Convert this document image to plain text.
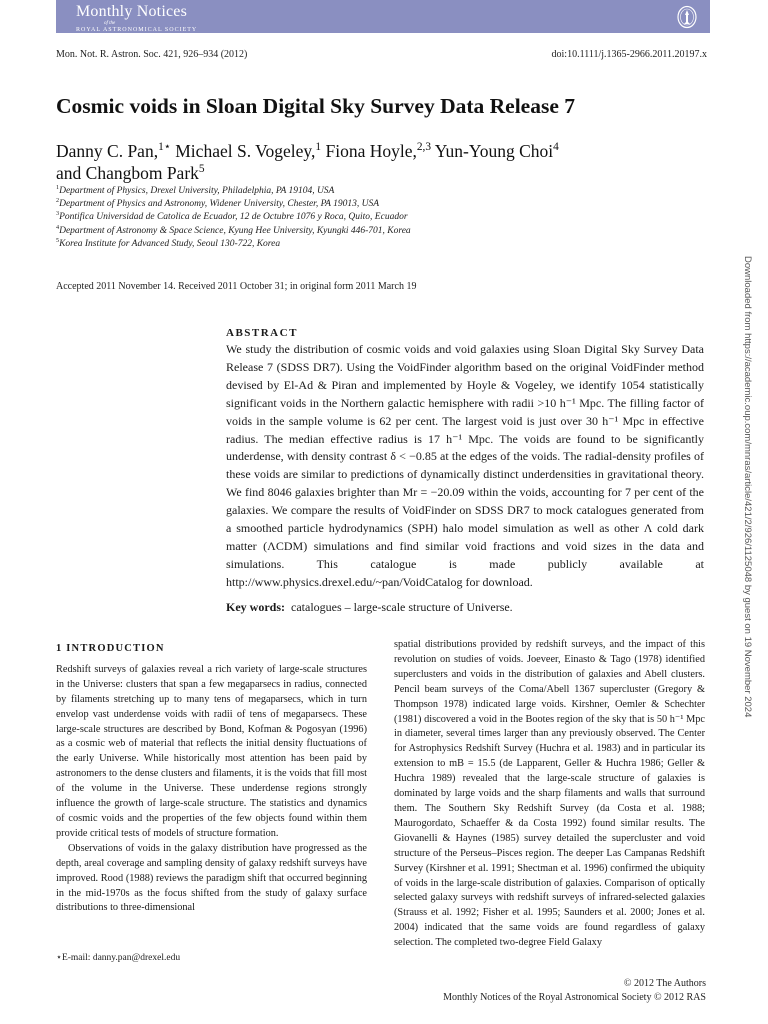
Monthly Notices
of the
ROYAL ASTRONOMICAL SOCIETY
Mon. Not. R. Astron. Soc. 421, 926–934 (2012)	doi:10.1111/j.1365-2966.2011.20197.x
Cosmic voids in Sloan Digital Sky Survey Data Release 7
Danny C. Pan,$^{1⋆}$ Michael S. Vogeley,$^1$ Fiona Hoyle,$^{2,3}$ Yun-Young Choi$^4$
and Changbom Park$^5$
$^1$Department of Physics, Drexel University, Philadelphia, PA 19104, USA
$^2$Department of Physics and Astronomy, Widener University, Chester, PA 19013, USA
$^3$Pontifica Universidad de Catolica de Ecuador, 12 de Octubre 1076 y Roca, Quito, Ecuador
$^4$Department of Astronomy & Space Science, Kyung Hee University, Kyungki 446-701, Korea
$^5$Korea Institute for Advanced Study, Seoul 130-722, Korea
Accepted 2011 November 14. Received 2011 October 31; in original form 2011 March 19
ABSTRACT
We study the distribution of cosmic voids and void galaxies using Sloan Digital Sky Survey Data Release 7 (SDSS DR7). Using the VoidFinder algorithm based on the original VoidFinder method devised by El-Ad & Piran and implemented by Hoyle & Vogeley, we identify 1054 statistically significant voids in the Northern galactic hemisphere with radii >10 h⁻¹ Mpc. The filling factor of voids in the sample volume is 62 per cent. The largest void is just over 30 h⁻¹ Mpc in effective radius. The median effective radius is 17 h⁻¹ Mpc. The voids are found to be significantly underdense, with density contrast δ < −0.85 at the edges of the voids. The radial-density profiles of these voids are similar to predictions of dynamically distinct underdensities in gravitational theory. We find 8046 galaxies brighter than Mr = −20.09 within the voids, accounting for 7 per cent of the galaxies. We compare the results of VoidFinder on SDSS DR7 to mock catalogues generated from a smoothed particle hydrodynamics (SPH) halo model simulation as well as other Λ cold dark matter (ΛCDM) simulations and find similar void fractions and void sizes in the data and simulations. This catalogue is made publicly available at http://www.physics.drexel.edu/~pan/VoidCatalog for download.
Key words: catalogues – large-scale structure of Universe.
1 INTRODUCTION

Redshift surveys of galaxies reveal a rich variety of large-scale structures in the Universe: clusters that span a few megaparsecs in radius, connected by filaments stretching up to many tens of megaparsecs, which in turn envelop vast underdense voids with radii of tens of megaparsecs. These large-scale structures are described by Bond, Kofman & Pogosyan (1996) as a cosmic web of material that reflects the initial density fluctuations of the early Universe. While historically most attention has been paid by astronomers to the dense clusters and filaments, it is the voids that fill most of the volume in the Universe. These underdense regions strongly influence the growth of large-scale structure. The statistics and dynamics of cosmic voids and the properties of the few objects found within them provide critical tests of models of structure formation.

Observations of voids in the galaxy distribution have progressed as the depth, areal coverage and sampling density of galaxy redshift surveys have improved. Rood (1988) reviews the paradigm shift that occurred beginning in the mid-1970s as the focus shifted from the study of galaxy surface distributions to three-dimensional

spatial distributions provided by redshift surveys, and the impact of this revolution on studies of voids. Joeveer, Einasto & Tago (1978) identified superclusters and voids in the distribution of galaxies and Abell clusters. Pencil beam surveys of the Coma/Abell 1367 supercluster (Gregory & Thompson 1978) indicated large voids. Kirshner, Oemler & Schechter (1981) discovered a void in the Bootes region of the sky that is 50 h⁻¹ Mpc in diameter, several times larger than any previously observed. The Center for Astrophysics Redshift Survey (Huchra et al. 1983) and in particular its extension to mB = 15.5 (de Lapparent, Geller & Huchra 1986; Geller & Huchra 1989) revealed that the large-scale structure of galaxies is dominated by large voids and the sharp filaments and walls that surround them. The Southern Sky Redshift Survey (da Costa et al. 1988; Maurogordato, Schaeffer & da Costa 1992) found similar results. The Giovanelli & Haynes (1985) survey detailed the supercluster and void structure of the Perseus–Pisces region. The deeper Las Campanas Redshift Survey (Kirshner et al. 1991; Shectman et al. 1996) confirmed the ubiquity of voids in the large-scale distribution of galaxies. Comparison of optically selected galaxy surveys with redshift surveys of infrared-selected galaxies (Strauss et al. 1992; Fisher et al. 1995; Saunders et al. 2000; Jones et al. 2004) indicated that the same voids are found regardless of galaxy selection. The completed two-degree Field Galaxy

⋆E-mail: danny.pan@drexel.edu
© 2012 The Authors
Monthly Notices of the Royal Astronomical Society © 2012 RAS
Downloaded from https://academic.oup.com/mnras/article/421/2/926/1125048 by guest on 19 November 2024
